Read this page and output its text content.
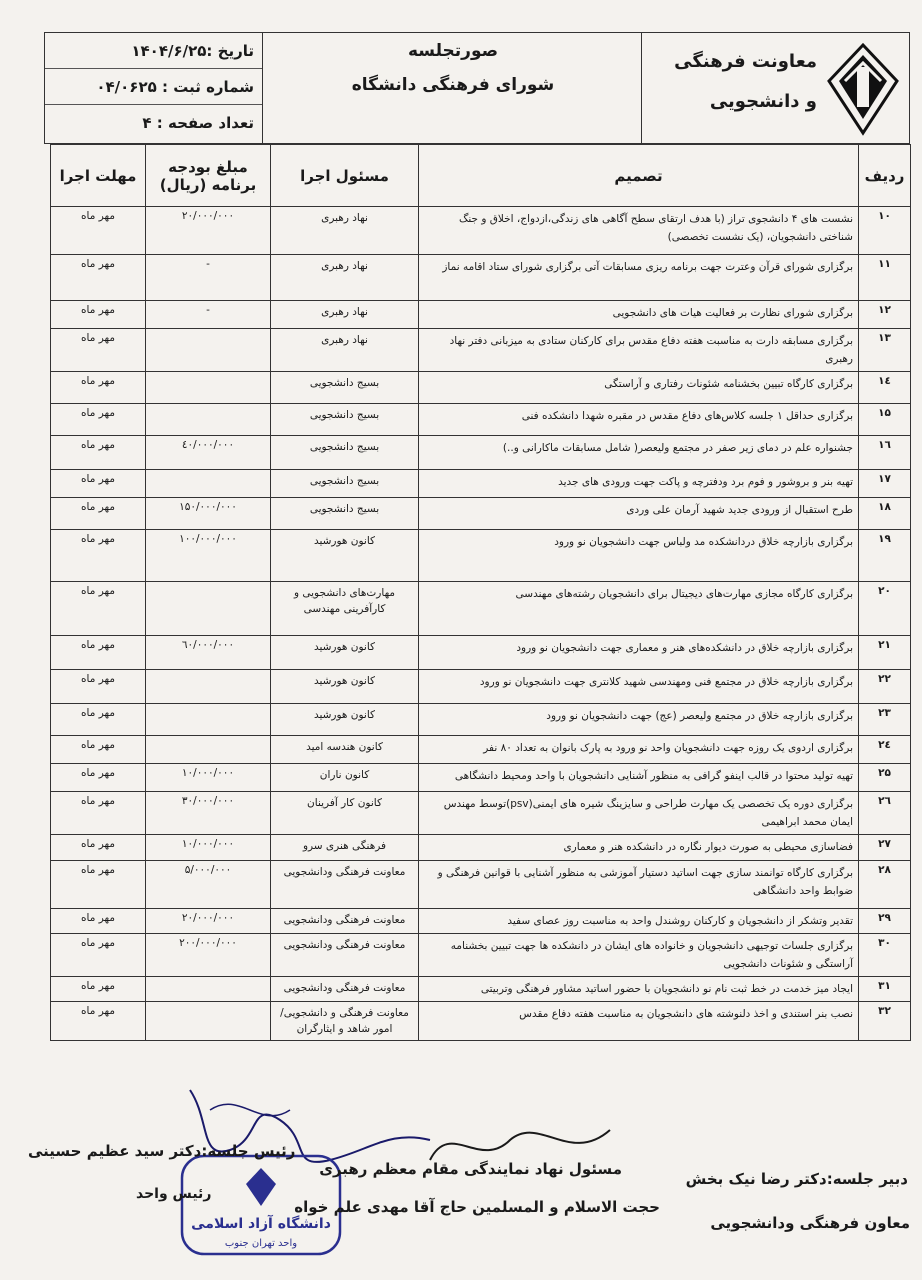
تاریخ :۱۴۰۴/۶/۲۵
شماره ثبت : ۰۴/۰۶۲۵
تعداد صفحه : ۴
صورتجلسه
شورای فرهنگی دانشگاه
معاونت فرهنگی
و دانشجویی
ردیف	تصمیم	مسئول اجرا	مبلغ بودجه برنامه (ریال)	مهلت اجرا
۱۰	نشست های ۴ دانشجوی تراز (با هدف ارتقای سطح آگاهی های زندگی،ازدواج، اخلاق و جنگ شناختی دانشجویان، (یک نشست تخصصی)	نهاد رهبری	۲۰/۰۰۰/۰۰۰	مهر ماه
۱۱	برگزاری شورای قرآن وعترت جهت برنامه ریزی مسابقات آتی برگزاری شورای ستاد اقامه نماز	نهاد رهبری	-	مهر ماه
۱۲	برگزاری شورای نظارت بر فعالیت هیات های دانشجویی	نهاد رهبری	-	مهر ماه
۱۳	برگزاری مسابقه دارت به مناسبت هفته دفاع مقدس برای کارکنان ستادی به میزبانی دفتر نهاد رهبری	نهاد رهبری		مهر ماه
۱٤	برگزاری کارگاه تبیین بخشنامه شئونات رفتاری و آراستگی	بسیج دانشجویی		مهر ماه
۱۵	برگزاری حداقل ۱ جلسه کلاس‌های دفاع مقدس در مقبره شهدا دانشکده فنی	بسیج دانشجویی		مهر ماه
۱٦	جشنواره علم در دمای زیر صفر در مجتمع ولیعصر( شامل مسابقات ماکارانی و..)	بسیج دانشجویی	٤۰/۰۰۰/۰۰۰	مهر ماه
۱۷	تهیه بنر و بروشور و فوم برد ودفترچه و پاکت جهت ورودی های جدید	بسیج دانشجویی		مهر ماه
۱۸	طرح استقبال از ورودی جدید شهید آرمان علی وردی	بسیج دانشجویی	۱۵۰/۰۰۰/۰۰۰	مهر ماه
۱۹	برگزاری بازارچه خلاق دردانشکده مد ولباس جهت دانشجویان نو ورود	کانون هورشید	۱۰۰/۰۰۰/۰۰۰	مهر ماه
۲۰	برگزاری کارگاه مجازی مهارت‌های دیجیتال برای دانشجویان رشته‌های مهندسی	مهارت‌های دانشجویی و کارآفرینی مهندسی		مهر ماه
۲۱	برگزاری بازارچه خلاق در دانشکده‌های هنر و معماری جهت دانشجویان نو ورود	کانون هورشید	٦۰/۰۰۰/۰۰۰	مهر ماه
۲۲	برگزاری بازارچه خلاق در مجتمع فنی ومهندسی شهید کلانتری جهت دانشجویان نو ورود	کانون هورشید		مهر ماه
۲۳	برگزاری بازارچه خلاق در مجتمع ولیعصر (عج) جهت دانشجویان نو ورود	کانون هورشید		مهر ماه
۲٤	برگزاری اردوی یک روزه جهت دانشجویان واحد نو ورود به پارک بانوان به تعداد ۸۰ نفر	کانون هندسه امید		مهر ماه
۲۵	تهیه تولید محتوا در قالب اینفو گرافی به منظور آشنایی دانشجویان با واحد ومحیط دانشگاهی	کانون ناران	۱۰/۰۰۰/۰۰۰	مهر ماه
۲٦	برگزاری دوره یک تخصصی یک مهارت طراحی و سایزینگ شیره های ایمنی(psv)توسط مهندس ایمان محمد ابراهیمی	کانون کار آفرینان	۳۰/۰۰۰/۰۰۰	مهر ماه
۲۷	فضاسازی محیطی به صورت دیوار نگاره در دانشکده هنر و معماری	فرهنگی هنری سرو	۱۰/۰۰۰/۰۰۰	مهر ماه
۲۸	برگزاری کارگاه توانمند سازی جهت اساتید دستیار آموزشی به منظور آشنایی با قوانین فرهنگی و ضوابط واحد دانشگاهی	معاونت فرهنگی ودانشجویی	۵/۰۰۰/۰۰۰	مهر ماه
۲۹	تقدیر وتشکر از دانشجویان و کارکنان روشندل واحد به مناسبت روز عصای سفید	معاونت فرهنگی ودانشجویی	۲۰/۰۰۰/۰۰۰	مهر ماه
۳۰	برگزاری جلسات توجیهی دانشجویان و خانواده های ایشان در دانشکده ها جهت تبیین بخشنامه آراستگی و شئونات دانشجویی	معاونت فرهنگی ودانشجویی	۲۰۰/۰۰۰/۰۰۰	مهر ماه
۳۱	ایجاد میز خدمت در خط ثبت نام نو دانشجویان با حضور اساتید مشاور فرهنگی وتربیتی	معاونت فرهنگی ودانشجویی		مهر ماه
۳۲	نصب بنر استندی و اخذ دلنوشته های دانشجویان به مناسبت هفته دفاع مقدس	معاونت فرهنگی و دانشجویی/امور شاهد و ایثارگران		مهر ماه
دانشگاه آزاد اسلامی
واحد تهران جنوب
دبیر جلسه:دکتر رضا نیک بخش
معاون فرهنگی ودانشجویی
مسئول نهاد نمایندگی مقام معظم رهبری
حجت الاسلام و المسلمین حاج آقا مهدی علم خواه
رئیس جلسه:دکتر سید عظیم حسینی
رئیس واحد
